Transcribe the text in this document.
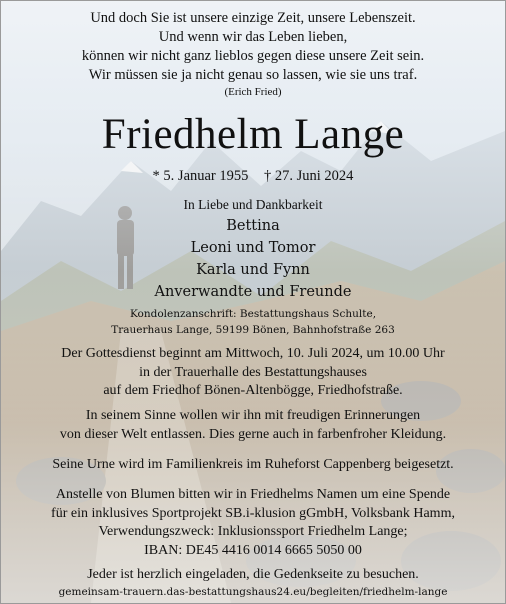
Und doch Sie ist unsere einzige Zeit, unsere Lebenszeit.
Und wenn wir das Leben lieben,
können wir nicht ganz lieblos gegen diese unsere Zeit sein.
Wir müssen sie ja nicht genau so lassen, wie sie uns traf.
(Erich Fried)
Friedhelm Lange
* 5. Januar 1955 † 27. Juni 2024
In Liebe und Dankbarkeit
Bettina
Leoni und Tomor
Karla und Fynn
Anverwandte und Freunde
Kondolenzanschrift: Bestattungshaus Schulte,
Trauerhaus Lange, 59199 Bönen, Bahnhofstraße 263
Der Gottesdienst beginnt am Mittwoch, 10. Juli 2024, um 10.00 Uhr
in der Trauerhalle des Bestattungshauses
auf dem Friedhof Bönen-Altenbögge, Friedhofstraße.
In seinem Sinne wollen wir ihn mit freudigen Erinnerungen
von dieser Welt entlassen. Dies gerne auch in farbenfroher Kleidung.
Seine Urne wird im Familienkreis im Ruheforst Cappenberg beigesetzt.
Anstelle von Blumen bitten wir in Friedhelms Namen um eine Spende
für ein inklusives Sportprojekt SB.i-klusion gGmbH, Volksbank Hamm,
Verwendungszweck: Inklusionssport Friedhelm Lange;
IBAN: DE45 4416 0014 6665 5050 00
Jeder ist herzlich eingeladen, die Gedenkseite zu besuchen.
gemeinsam-trauern.das-bestattungshaus24.eu/begleiten/friedhelm-lange
